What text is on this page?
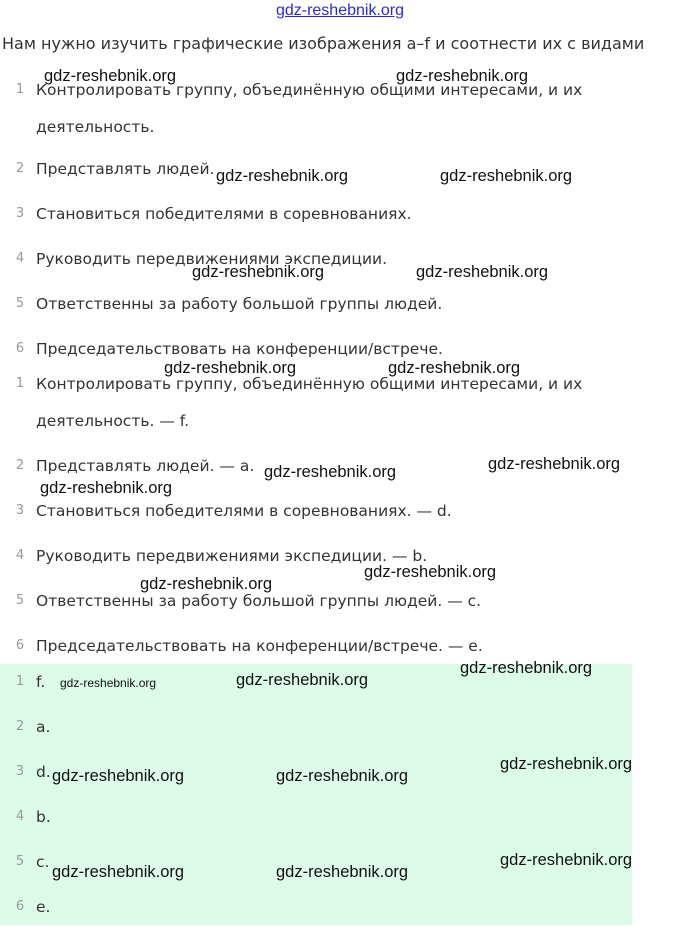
gdz-reshebnik.org
Нам нужно изучить графические изображения a–f и соотнести их с видами
1 Контролировать группу, объединённую общими интересами, и их деятельность.
2 Представлять людей.
3 Становиться победителями в соревнованиях.
4 Руководить передвижениями экспедиции.
5 Ответственны за работу большой группы людей.
6 Председательствовать на конференции/встрече.
1 Контролировать группу, объединённую общими интересами, и их деятельность. — f.
2 Представлять людей. — a.
3 Становиться победителями в соревнованиях. — d.
4 Руководить передвижениями экспедиции. — b.
5 Ответственны за работу большой группы людей. — c.
6 Председательствовать на конференции/встрече. — e.
1 f.
2 a.
3 d.
4 b.
5 c.
6 e.
gdz-reshebnik.org	gdz-reshebnik.org
gdz-reshebnik.org	gdz-reshebnik.org
gdz-reshebnik.org	gdz-reshebnik.org
gdz-reshebnik.org	gdz-reshebnik.org
gdz-reshebnik.org	gdz-reshebnik.org
gdz-reshebnik.org
gdz-reshebnik.org
gdz-reshebnik.org
gdz-reshebnik.org
gdz-reshebnik.org	gdz-reshebnik.org
gdz-reshebnik.org
gdz-reshebnik.org	gdz-reshebnik.org
gdz-reshebnik.org
gdz-reshebnik.org	gdz-reshebnik.org
